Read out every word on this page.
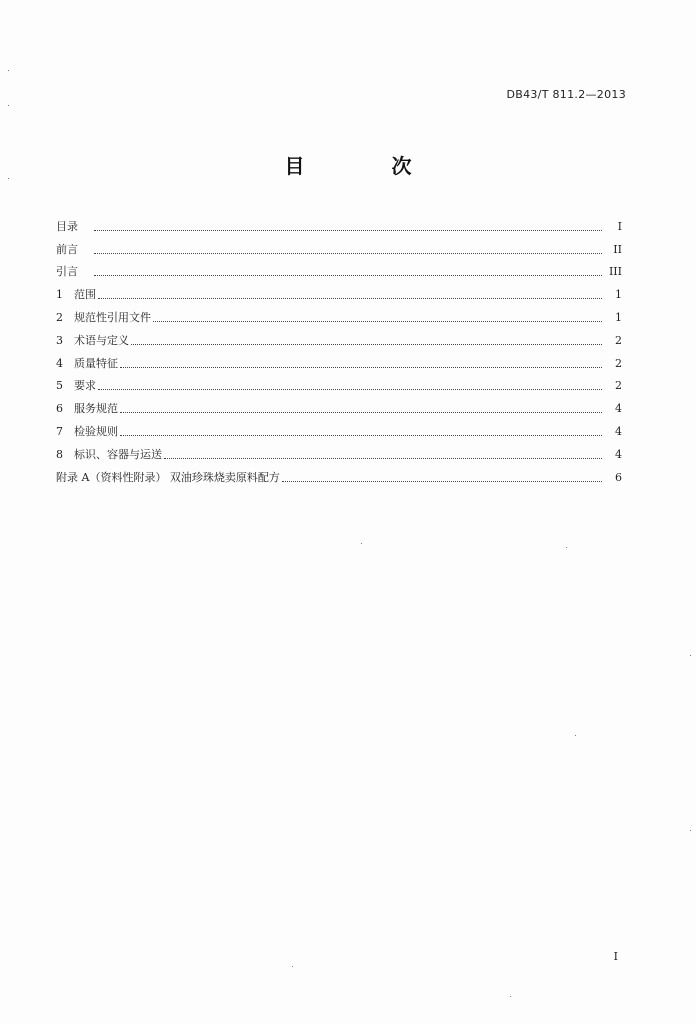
DB43/T 811.2—2013
目 次
目录	I
前言	II
引言	III
1	范围	1
2	规范性引用文件	1
3	术语与定义	2
4	质量特征	2
5	要求	2
6	服务规范	4
7	检验规则	4
8	标识、容器与运送	4
附录 A（资料性附录） 双油珍珠烧卖原料配方	6
I
